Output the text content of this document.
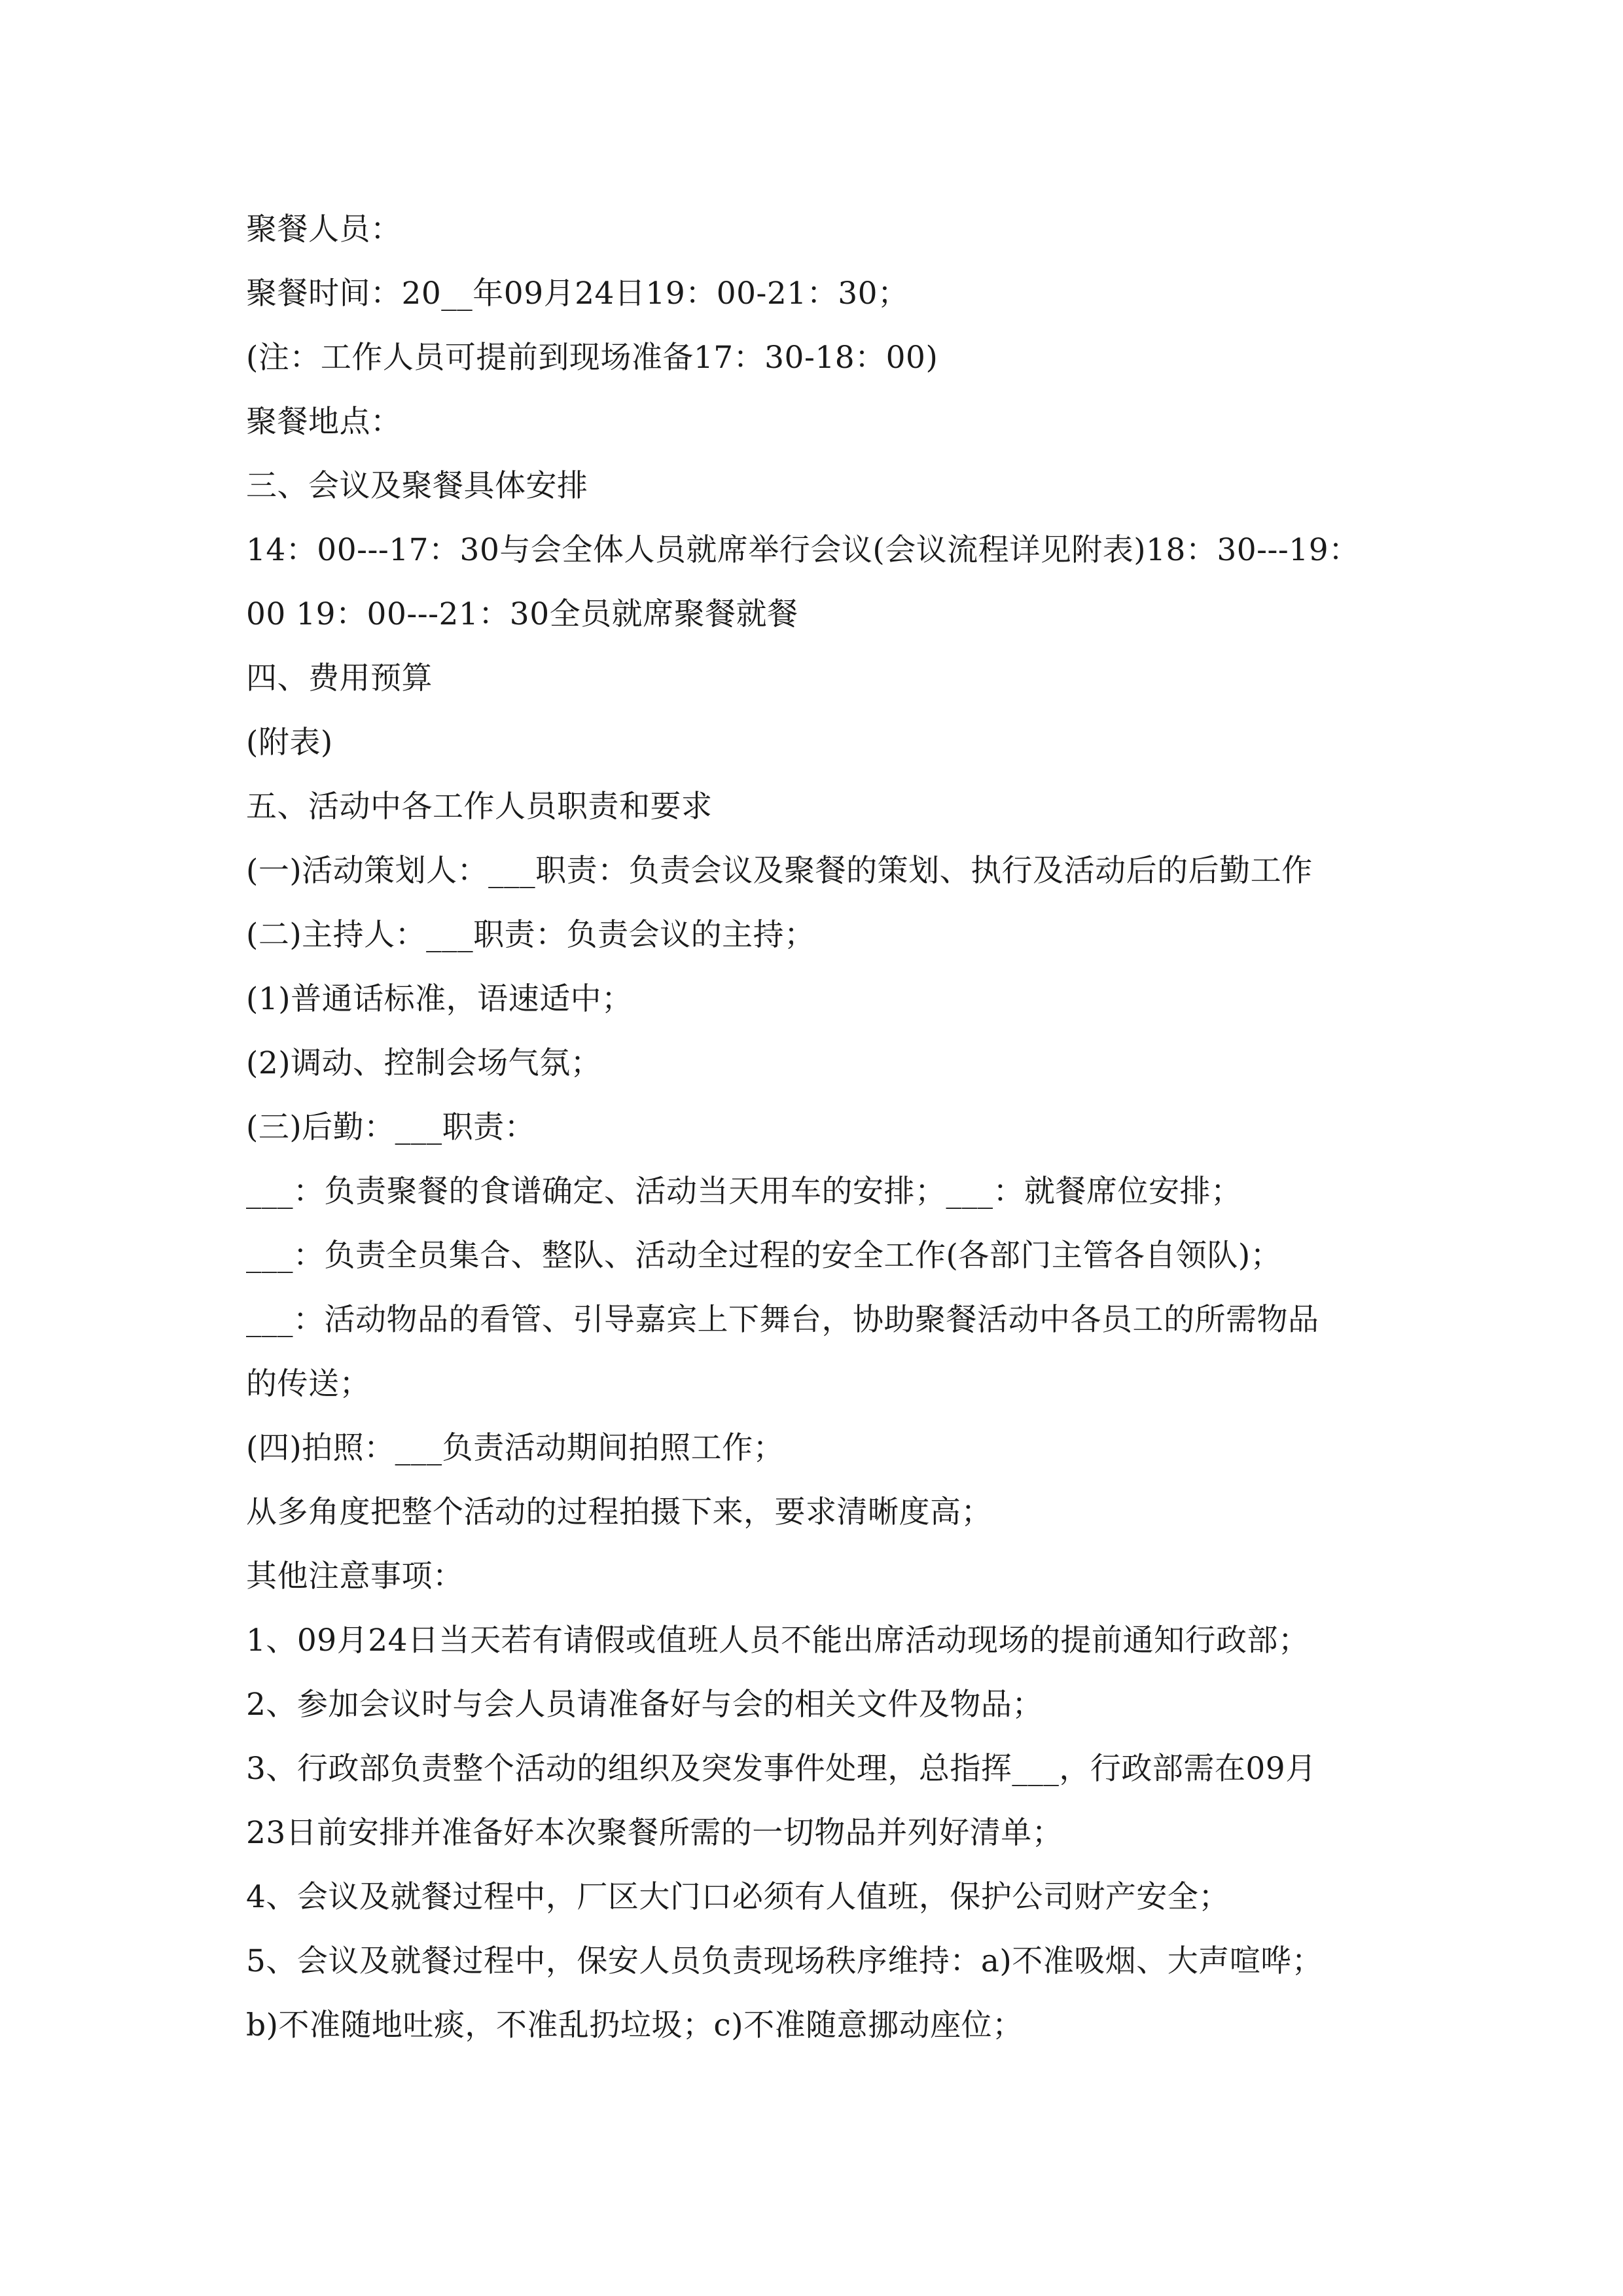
聚餐人员：
聚餐时间：20__年09月24日19：00-21：30；
(注：工作人员可提前到现场准备17：30-18：00)
聚餐地点：
三、会议及聚餐具体安排
14：00---17：30与会全体人员就席举行会议(会议流程详见附表)18：30---19：
00 19：00---21：30全员就席聚餐就餐
四、费用预算
(附表)
五、活动中各工作人员职责和要求
(一)活动策划人：___职责：负责会议及聚餐的策划、执行及活动后的后勤工作
(二)主持人：___职责：负责会议的主持；
(1)普通话标准，语速适中；
(2)调动、控制会场气氛；
(三)后勤：___职责：
___：负责聚餐的食谱确定、活动当天用车的安排；___：就餐席位安排；
___：负责全员集合、整队、活动全过程的安全工作(各部门主管各自领队)；
___：活动物品的看管、引导嘉宾上下舞台，协助聚餐活动中各员工的所需物品
的传送；
(四)拍照：___负责活动期间拍照工作；
从多角度把整个活动的过程拍摄下来，要求清晰度高；
其他注意事项：
1、09月24日当天若有请假或值班人员不能出席活动现场的提前通知行政部；
2、参加会议时与会人员请准备好与会的相关文件及物品；
3、行政部负责整个活动的组织及突发事件处理，总指挥___，行政部需在09月
23日前安排并准备好本次聚餐所需的一切物品并列好清单；
4、会议及就餐过程中，厂区大门口必须有人值班，保护公司财产安全；
5、会议及就餐过程中，保安人员负责现场秩序维持：a)不准吸烟、大声喧哗；
b)不准随地吐痰，不准乱扔垃圾；c)不准随意挪动座位；
